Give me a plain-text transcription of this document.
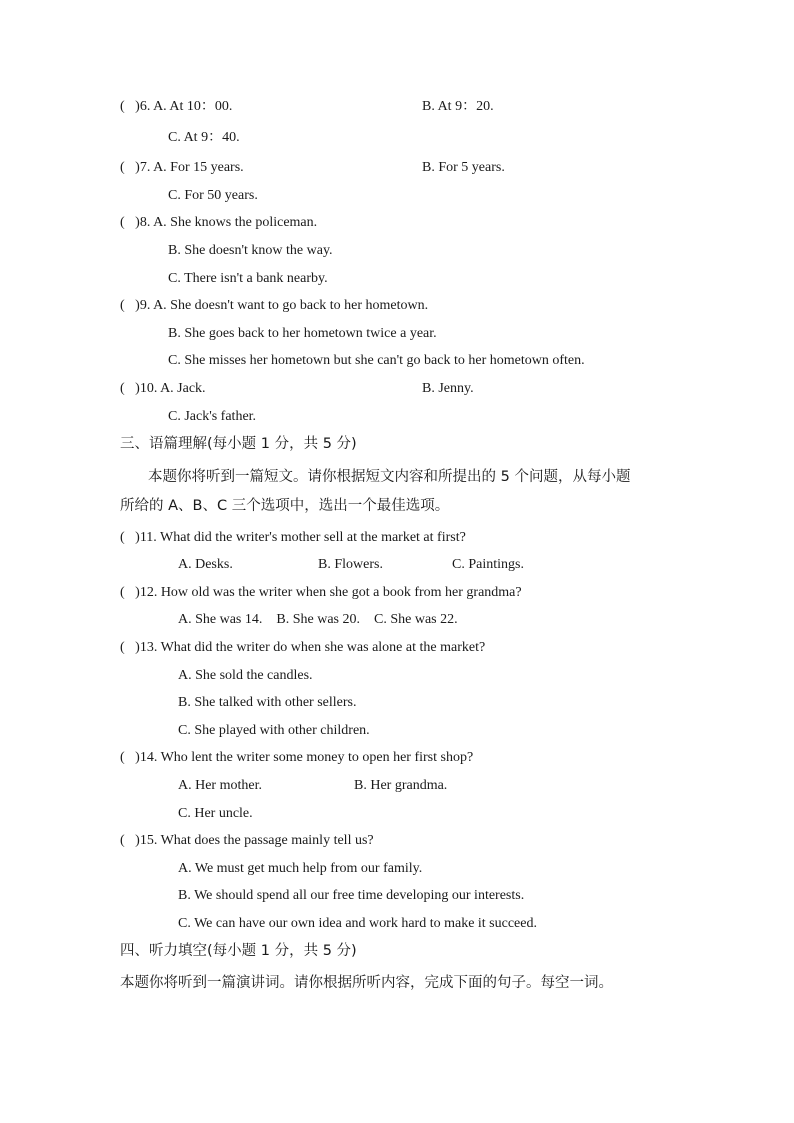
(   )6. A. At 10：00.	B. At 9：20.
C. At 9：40.
(   )7. A. For 15 years.	B. For 5 years.
C. For 50 years.
(   )8. A. She knows the policeman.
B. She doesn't know the way.
C. There isn't a bank nearby.
(   )9. A. She doesn't want to go back to her hometown.
B. She goes back to her hometown twice a year.
C. She misses her hometown but she can't go back to her hometown often.
(   )10. A. Jack.	B. Jenny.
C. Jack's father.
三、语篇理解(每小题 1 分，共 5 分)
本题你将听到一篇短文。请你根据短文内容和所提出的 5 个问题，从每小题
所给的 A、B、C 三个选项中，选出一个最佳选项。
(   )11. What did the writer's mother sell at the market at first?
A. Desks.	B. Flowers.	C. Paintings.
(   )12. How old was the writer when she got a book from her grandma?
A. She was 14.    B. She was 20.    C. She was 22.
(   )13. What did the writer do when she was alone at the market?
A. She sold the candles.
B. She talked with other sellers.
C. She played with other children.
(   )14. Who lent the writer some money to open her first shop?
A. Her mother.	B. Her grandma.
C. Her uncle.
(   )15. What does the passage mainly tell us?
A. We must get much help from our family.
B. We should spend all our free time developing our interests.
C. We can have our own idea and work hard to make it succeed.
四、听力填空(每小题 1 分，共 5 分)
本题你将听到一篇演讲词。请你根据所听内容，完成下面的句子。每空一词。
